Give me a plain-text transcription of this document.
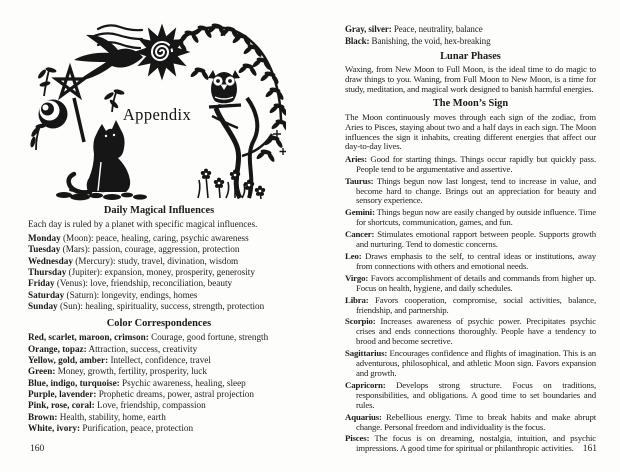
Appendix
Daily Magical Influences
Each day is ruled by a planet with specific magical influences.
Monday (Moon): peace, healing, caring, psychic awareness
Tuesday (Mars): passion, courage, aggression, protection
Wednesday (Mercury): study, travel, divination, wisdom
Thursday (Jupiter): expansion, money, prosperity, generosity
Friday (Venus): love, friendship, reconciliation, beauty
Saturday (Saturn): longevity, endings, homes
Sunday (Sun): healing, spirituality, success, strength, protection
Color Correspondences
Red, scarlet, maroon, crimson: Courage, good fortune, strength
Orange, topaz: Attraction, success, creativity
Yellow, gold, amber: Intellect, confidence, travel
Green: Money, growth, fertility, prosperity, luck
Blue, indigo, turquoise: Psychic awareness, healing, sleep
Purple, lavender: Prophetic dreams, power, astral projection
Pink, rose, coral: Love, friendship, compassion
Brown: Health, stability, home, earth
White, ivory: Purification, peace, protection
Gray, silver: Peace, neutrality, balance
Black: Banishing, the void, hex-breaking
Lunar Phases

Waxing, from New Moon to Full Moon, is the ideal time to do magic to draw things to you. Waning, from Full Moon to New Moon, is a time for study, meditation, and magical work designed to banish harmful energies.

The Moon’s Sign

The Moon continuously moves through each sign of the zodiac, from Aries to Pisces, staying about two and a half days in each sign. The Moon influences the sign it inhabits, creating different energies that affect our day-to-day lives.

Aries: Good for starting things. Things occur rapidly but quickly pass. People tend to be argumentative and assertive.

Taurus: Things begun now last longest, tend to increase in value, and become hard to change. Brings out an appreciation for beauty and sensory experience.

Gemini: Things begun now are easily changed by outside influence. Time for shortcuts, communication, games, and fun.

Cancer: Stimulates emotional rapport between people. Supports growth and nurturing. Tend to domestic concerns.

Leo: Draws emphasis to the self, to central ideas or institutions, away from connections with others and emotional needs.

Virgo: Favors accomplishment of details and commands from higher up. Focus on health, hygiene, and daily schedules.

Libra: Favors cooperation, compromise, social activities, balance, friendship, and partnership.

Scorpio: Increases awareness of psychic power. Precipitates psychic crises and ends connections thoroughly. People have a tendency to brood and become secretive.

Sagittarius: Encourages confidence and flights of imagination. This is an adventurous, philosophical, and athletic Moon sign. Favors expansion and growth.

Capricorn: Develops strong structure. Focus on traditions, responsibilities, and obligations. A good time to set boundaries and rules.

Aquarius: Rebellious energy. Time to break habits and make abrupt change. Personal freedom and individuality is the focus.

Pisces: The focus is on dreaming, nostalgia, intuition, and psychic impressions. A good time for spiritual or philanthropic activities.

160	161
